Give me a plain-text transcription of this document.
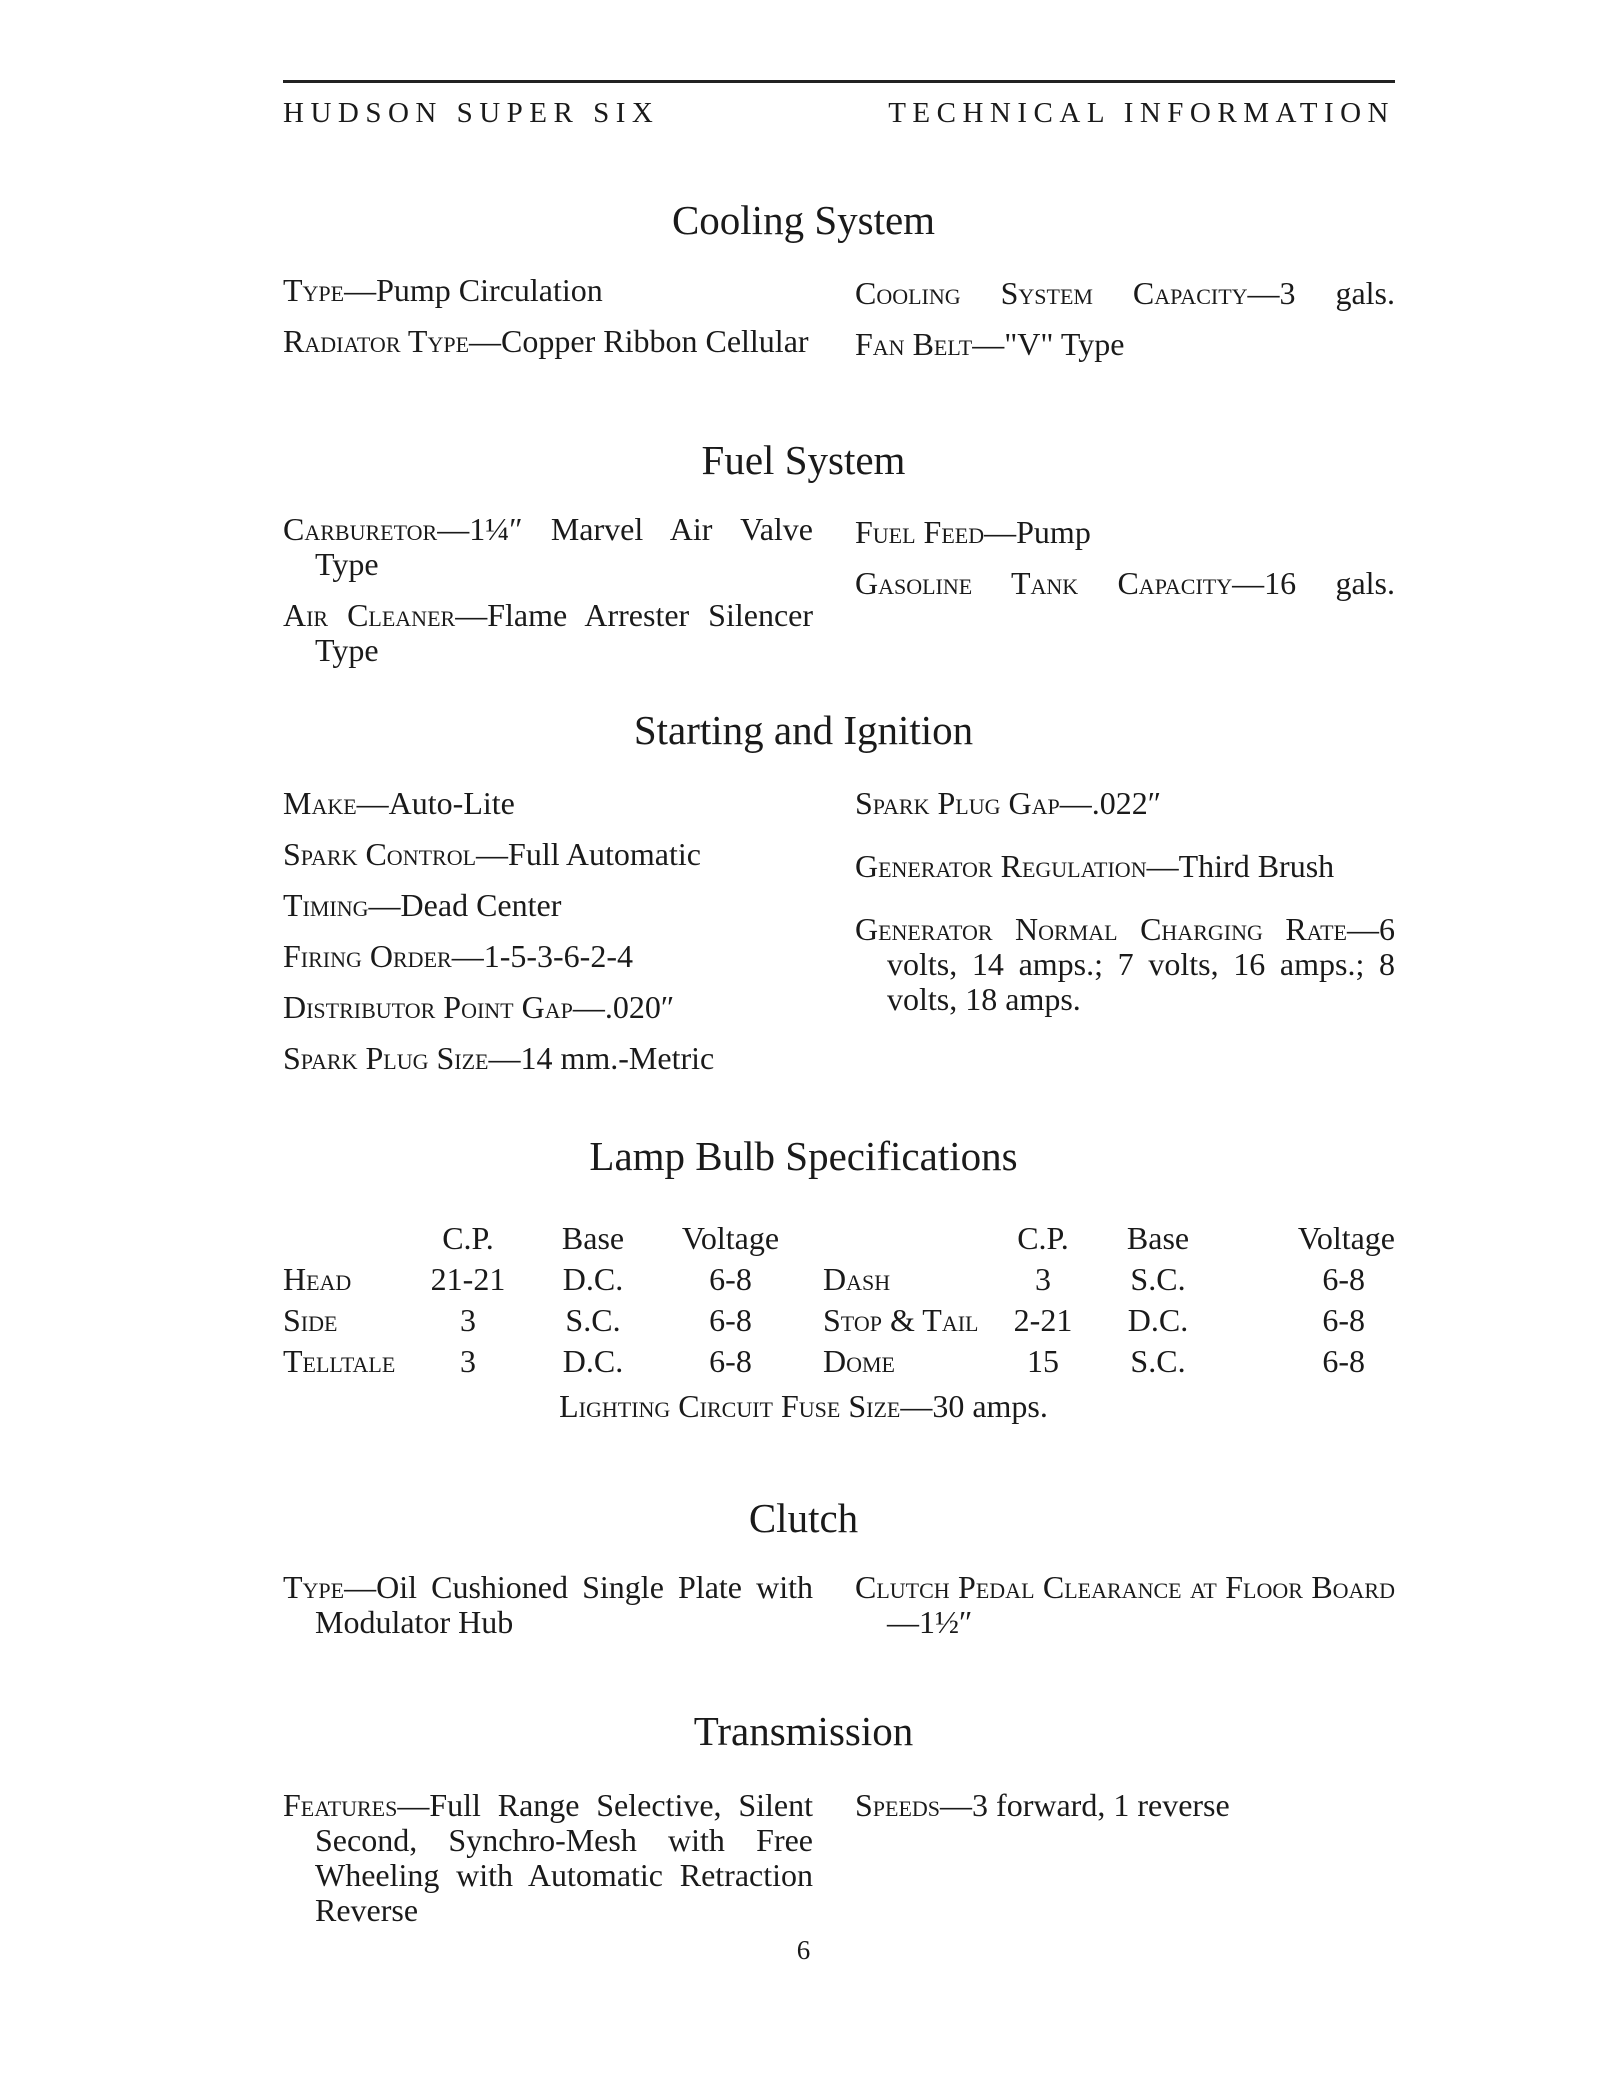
HUDSON SUPER SIX	TECHNICAL INFORMATION
Cooling System

Type—Pump Circulation

Radiator Type—Copper Ribbon Cellular

Cooling System Capacity—3 gals.

Fan Belt—"V" Type

Fuel System

Carburetor—1¼″ Marvel Air Valve Type

Air Cleaner—Flame Arrester Silencer Type

Fuel Feed—Pump

Gasoline Tank Capacity—16 gals.

Starting and Ignition

Make—Auto-Lite

Spark Control—Full Automatic

Timing—Dead Center

Firing Order—1-5-3-6-2-4

Distributor Point Gap—.020″

Spark Plug Size—14 mm.-Metric

Spark Plug Gap—.022″

Generator Regulation—Third Brush

Generator Normal Charging Rate—6 volts, 14 amps.; 7 volts, 16 amps.; 8 volts, 18 amps.

Lamp Bulb Specifications
	C.P.	Base	Voltage		C.P.	Base	Voltage
Head	21-21	D.C.	6-8	Dash	3	S.C.	6-8
Side	3	S.C.	6-8	Stop & Tail	2-21	D.C.	6-8
Telltale	3	D.C.	6-8	Dome	15	S.C.	6-8
Lighting Circuit Fuse Size—30 amps.
Clutch

Type—Oil Cushioned Single Plate with Modulator Hub

Clutch Pedal Clearance at Floor Board—1½″

Transmission

Features—Full Range Selective, Silent Second, Synchro-Mesh with Free Wheeling with Automatic Retraction Reverse

Speeds—3 forward, 1 reverse

6
